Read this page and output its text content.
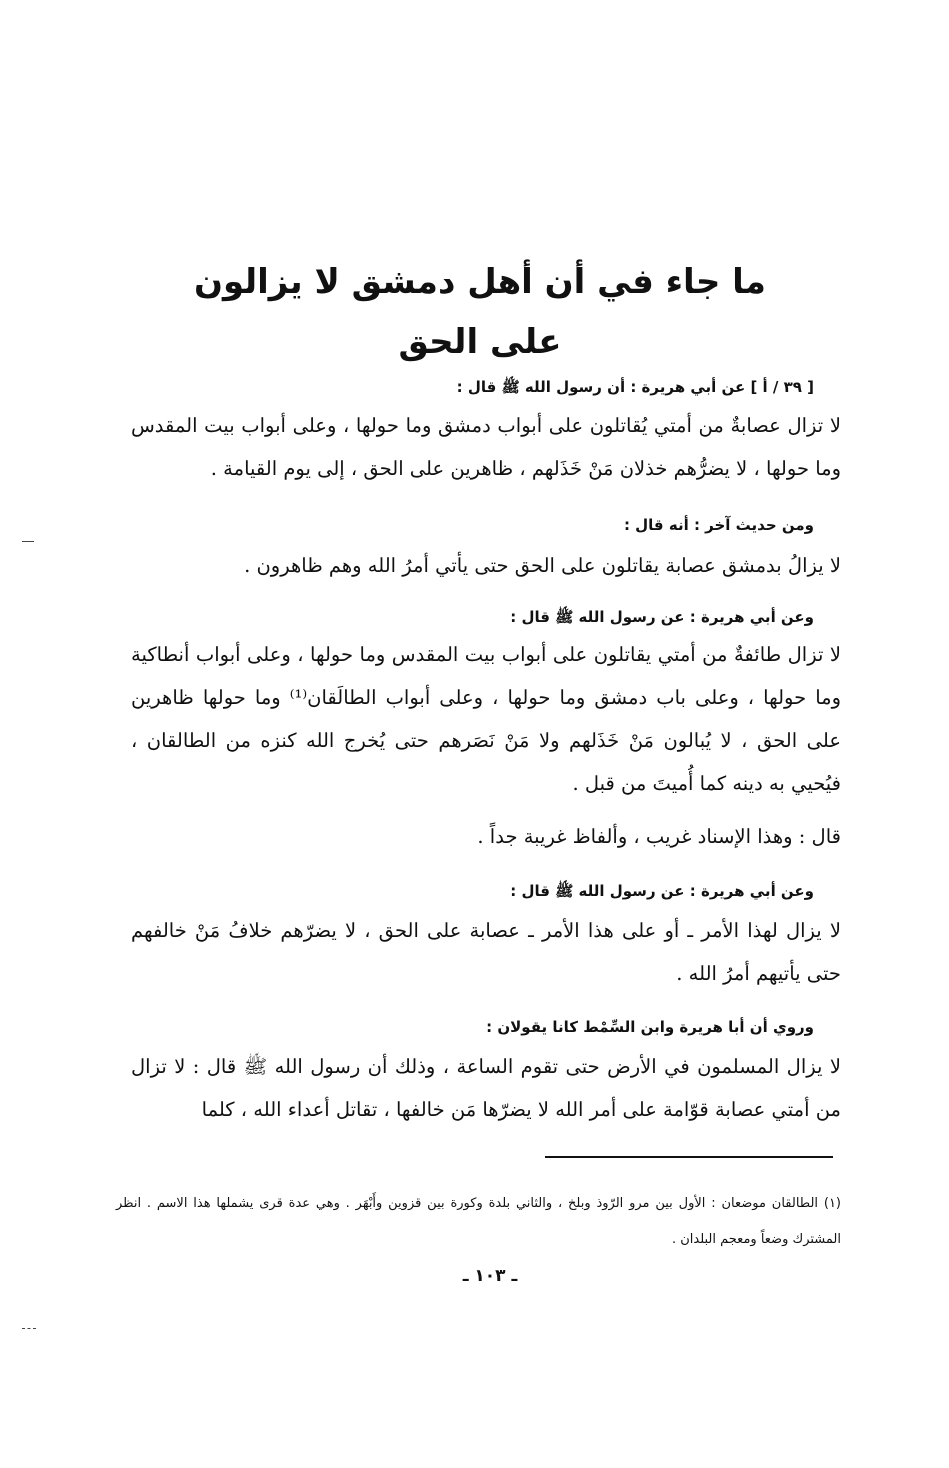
ما جاء في أن أهل دمشق لا يزالون على الحق
[ ٣٩ / أ ] عن أبي هريرة : أن رسول الله ﷺ قال :
لا تزال عصابةٌ من أمتي يُقاتلون على أبواب دمشق وما حولها ، وعلى أبواب بيت المقدس وما حولها ، لا يضرُّهم خذلان مَنْ خَذَلهم ، ظاهرين على الحق ، إلى يوم القيامة .
ومن حديث آخر : أنه قال :
لا يزالُ بدمشق عصابة يقاتلون على الحق حتى يأتي أمرُ الله وهم ظاهرون .
وعن أبي هريرة : عن رسول الله ﷺ قال :
لا تزال طائفةٌ من أمتي يقاتلون على أبواب بيت المقدس وما حولها ، وعلى أبواب أنطاكية وما حولها ، وعلى باب دمشق وما حولها ، وعلى أبواب الطالَقان⁽¹⁾ وما حولها ظاهرين على الحق ، لا يُبالون مَنْ خَذَلهم ولا مَنْ نَصَرهم حتى يُخرج الله كنزه من الطالقان ، فيُحيي به دينه كما أُميتَ من قبل .
قال : وهذا الإسناد غريب ، وألفاظ غريبة جداً .
وعن أبي هريرة : عن رسول الله ﷺ قال :
لا يزال لهذا الأمر ـ أو على هذا الأمر ـ عصابة على الحق ، لا يضرّهم خلافُ مَنْ خالفهم حتى يأتيهم أمرُ الله .
وروي أن أبا هريرة وابن السِّمْط كانا يقولان :
لا يزال المسلمون في الأرض حتى تقوم الساعة ، وذلك أن رسول الله ﷺ قال : لا تزال من أمتي عصابة قوّامة على أمر الله لا يضرّها مَن خالفها ، تقاتل أعداء الله ، كلما
(١) الطالقان موضعان : الأول بين مرو الرّوذ وبلخ ، والثاني بلدة وكورة بين قزوين وأَبْهَر . وهي عدة قرى يشملها هذا الاسم . انظر المشترك وضعاً ومعجم البلدان .
ـ ١٠٣ ـ
